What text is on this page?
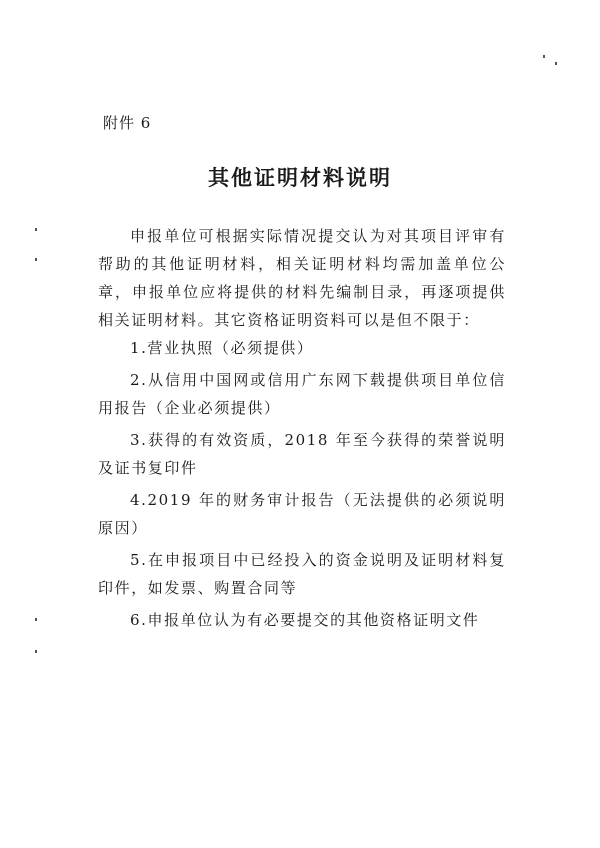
附件 6
其他证明材料说明

申报单位可根据实际情况提交认为对其项目评审有帮助的其他证明材料，相关证明材料均需加盖单位公章，申报单位应将提供的材料先编制目录，再逐项提供相关证明材料。其它资格证明资料可以是但不限于：

1.营业执照（必须提供）

2.从信用中国网或信用广东网下载提供项目单位信用报告（企业必须提供）

3.获得的有效资质，2018 年至今获得的荣誉说明及证书复印件

4.2019 年的财务审计报告（无法提供的必须说明原因）

5.在申报项目中已经投入的资金说明及证明材料复印件，如发票、购置合同等

6.申报单位认为有必要提交的其他资格证明文件
